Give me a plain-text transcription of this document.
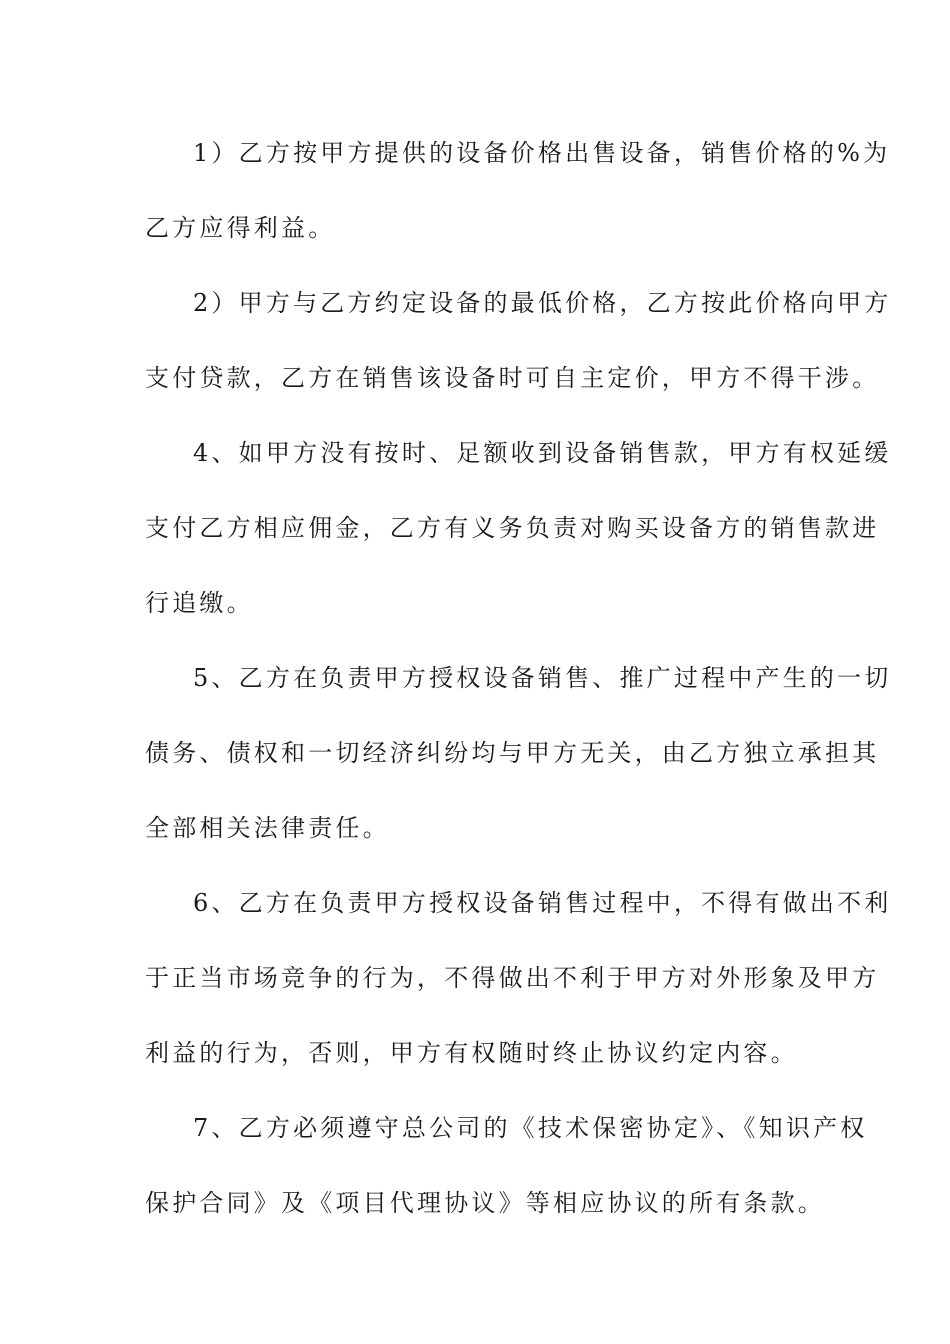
1）乙方按甲方提供的设备价格出售设备，销售价格的%为
乙方应得利益。
2）甲方与乙方约定设备的最低价格，乙方按此价格向甲方
支付贷款，乙方在销售该设备时可自主定价，甲方不得干涉。
4、如甲方没有按时、足额收到设备销售款，甲方有权延缓
支付乙方相应佣金，乙方有义务负责对购买设备方的销售款进
行追缴。
5、乙方在负责甲方授权设备销售、推广过程中产生的一切
债务、债权和一切经济纠纷均与甲方无关，由乙方独立承担其
全部相关法律责任。
6、乙方在负责甲方授权设备销售过程中，不得有做出不利
于正当市场竞争的行为，不得做出不利于甲方对外形象及甲方
利益的行为，否则，甲方有权随时终止协议约定内容。
7、乙方必须遵守总公司的《技术保密协定》、《知识产权
保护合同》及《项目代理协议》等相应协议的所有条款。
